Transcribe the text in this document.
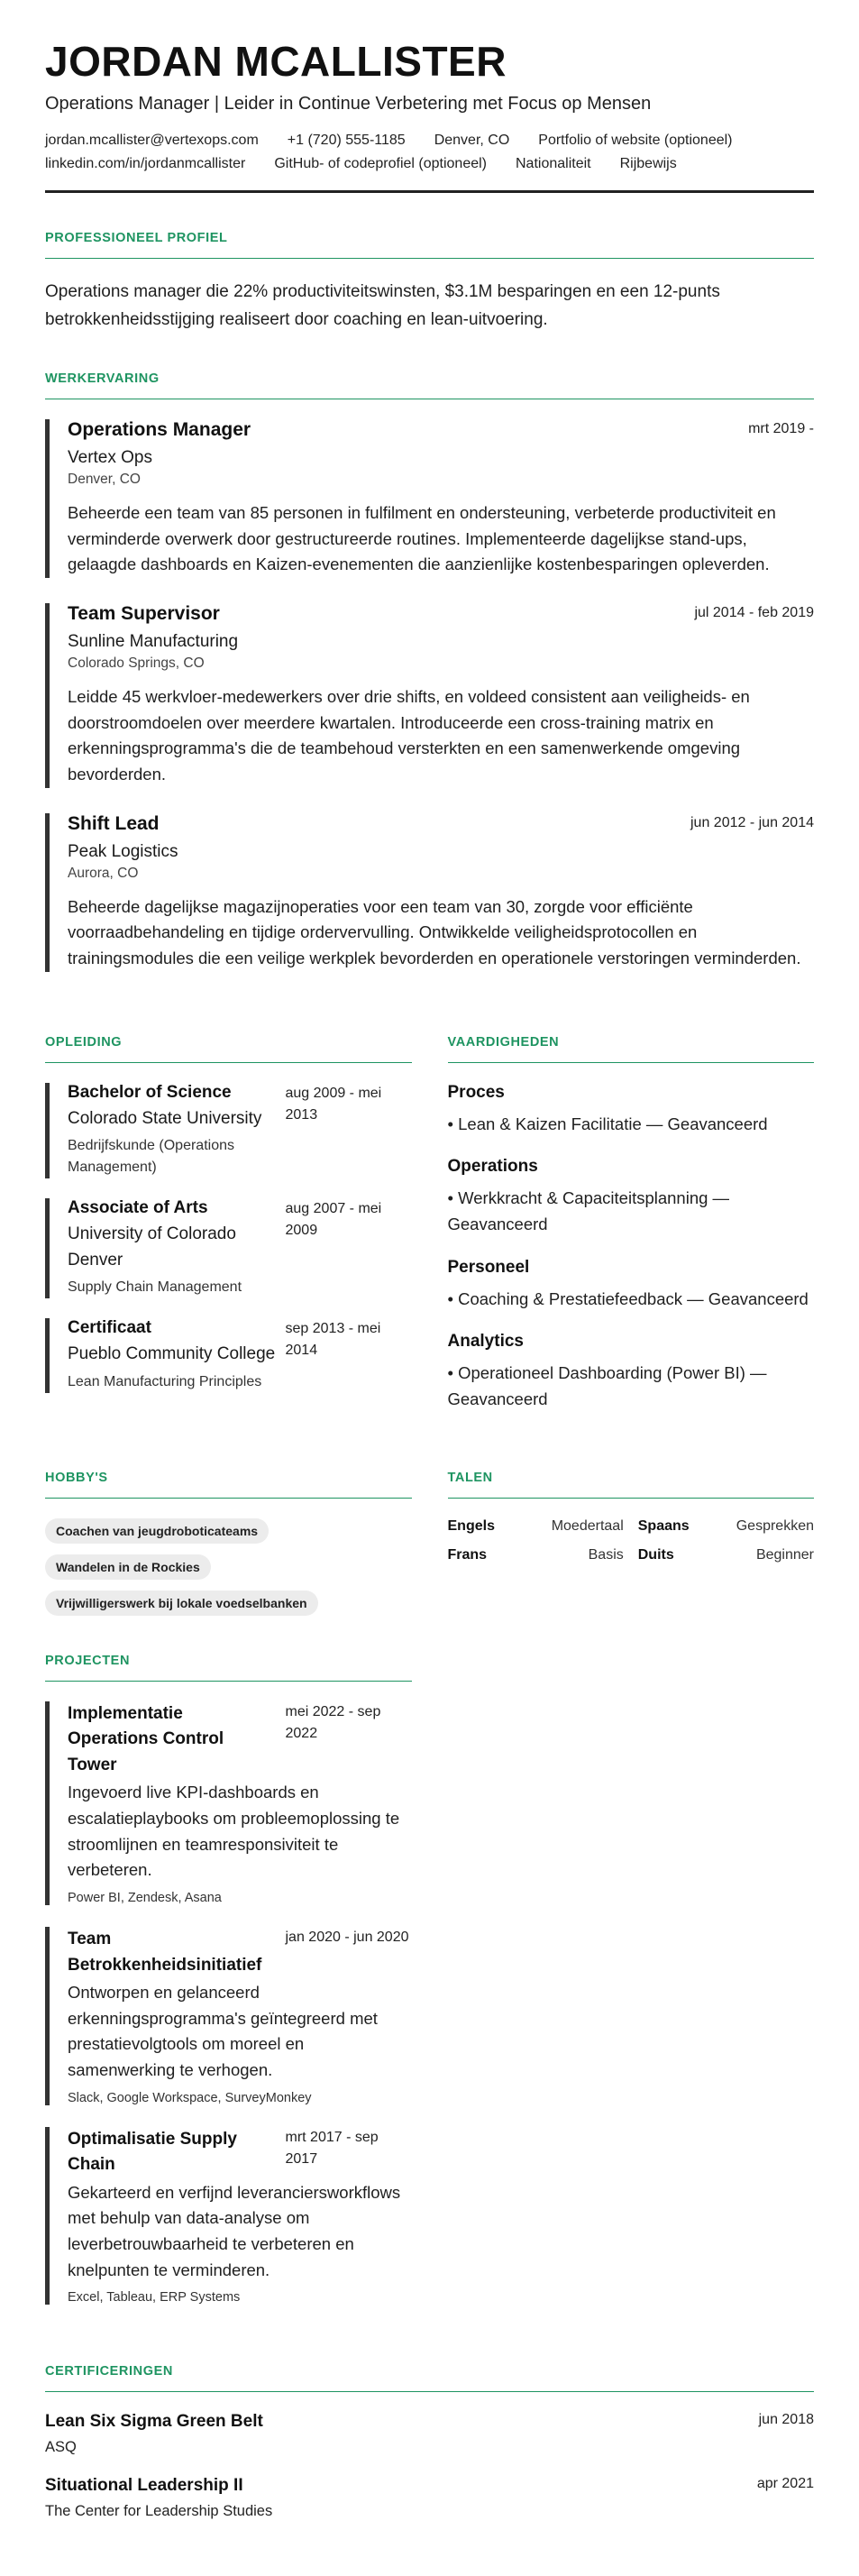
JORDAN MCALLISTER
Operations Manager | Leider in Continue Verbetering met Focus op Mensen
jordan.mcallister@vertexops.com +1 (720) 555-1185 Denver, CO Portfolio of website (optioneel)
linkedin.com/in/jordanmcallister GitHub- of codeprofiel (optioneel) Nationaliteit Rijbewijs
PROFESSIONEEL PROFIEL

Operations manager die 22% productiviteitswinsten, $3.1M besparingen en een 12-punts betrokkenheidsstijging realiseert door coaching en lean-uitvoering.

WERKERVARING
Operations Manager	mrt 2019 -
Vertex Ops
Denver, CO

Beheerde een team van 85 personen in fulfilment en ondersteuning, verbeterde productiviteit en verminderde overwerk door gestructureerde routines. Implementeerde dagelijkse stand-ups, gelaagde dashboards en Kaizen-evenementen die aanzienlijke kostenbesparingen opleverden.

Team Supervisor	jul 2014 - feb 2019
Sunline Manufacturing
Colorado Springs, CO

Leidde 45 werkvloer-medewerkers over drie shifts, en voldeed consistent aan veiligheids- en doorstroomdoelen over meerdere kwartalen. Introduceerde een cross-training matrix en erkenningsprogramma's die de teambehoud versterkten en een samenwerkende omgeving bevorderden.

Shift Lead	jun 2012 - jun 2014
Peak Logistics
Aurora, CO

Beheerde dagelijkse magazijnoperaties voor een team van 30, zorgde voor efficiënte voorraadbehandeling en tijdige ordervervulling. Ontwikkelde veiligheidsprotocollen en trainingsmodules die een veilige werkplek bevorderden en operationele verstoringen verminderden.

OPLEIDING
Bachelor of Science
Colorado State University
Bedrijfskunde (Operations Management)
aug 2009 - mei 2013
Associate of Arts
University of Colorado Denver
Supply Chain Management
aug 2007 - mei 2009
Certificaat
Pueblo Community College
Lean Manufacturing Principles
sep 2013 - mei 2014
VAARDIGHEDEN
Proces
• Lean & Kaizen Facilitatie — Geavanceerd
Operations
• Werkkracht & Capaciteitsplanning — Geavanceerd
Personeel
• Coaching & Prestatiefeedback — Geavanceerd
Analytics
• Operationeel Dashboarding (Power BI) — Geavanceerd
HOBBY'S
Coachen van jeugdroboticateams
Wandelen in de Rockies
Vrijwilligerswerk bij lokale voedselbanken
TALEN
Engels	Moedertaal Spaans	Gesprekken
Frans	Basis Duits	Beginner
PROJECTEN
Implementatie Operations Control Tower
mei 2022 - sep 2022

Ingevoerd live KPI-dashboards en escalatieplaybooks om probleemoplossing te stroomlijnen en teamresponsiviteit te verbeteren.

Power BI, Zendesk, Asana
Team Betrokkenheidsinitiatief
jan 2020 - jun 2020

Ontworpen en gelanceerd erkenningsprogramma's geïntegreerd met prestatievolgtools om moreel en samenwerking te verhogen.

Slack, Google Workspace, SurveyMonkey
Optimalisatie Supply Chain
mrt 2017 - sep 2017

Gekarteerd en verfijnd leveranciersworkflows met behulp van data-analyse om leverbetrouwbaarheid te verbeteren en knelpunten te verminderen.

Excel, Tableau, ERP Systems
CERTIFICERINGEN
Lean Six Sigma Green Belt	jun 2018
ASQ
Situational Leadership II	apr 2021
The Center for Leadership Studies
